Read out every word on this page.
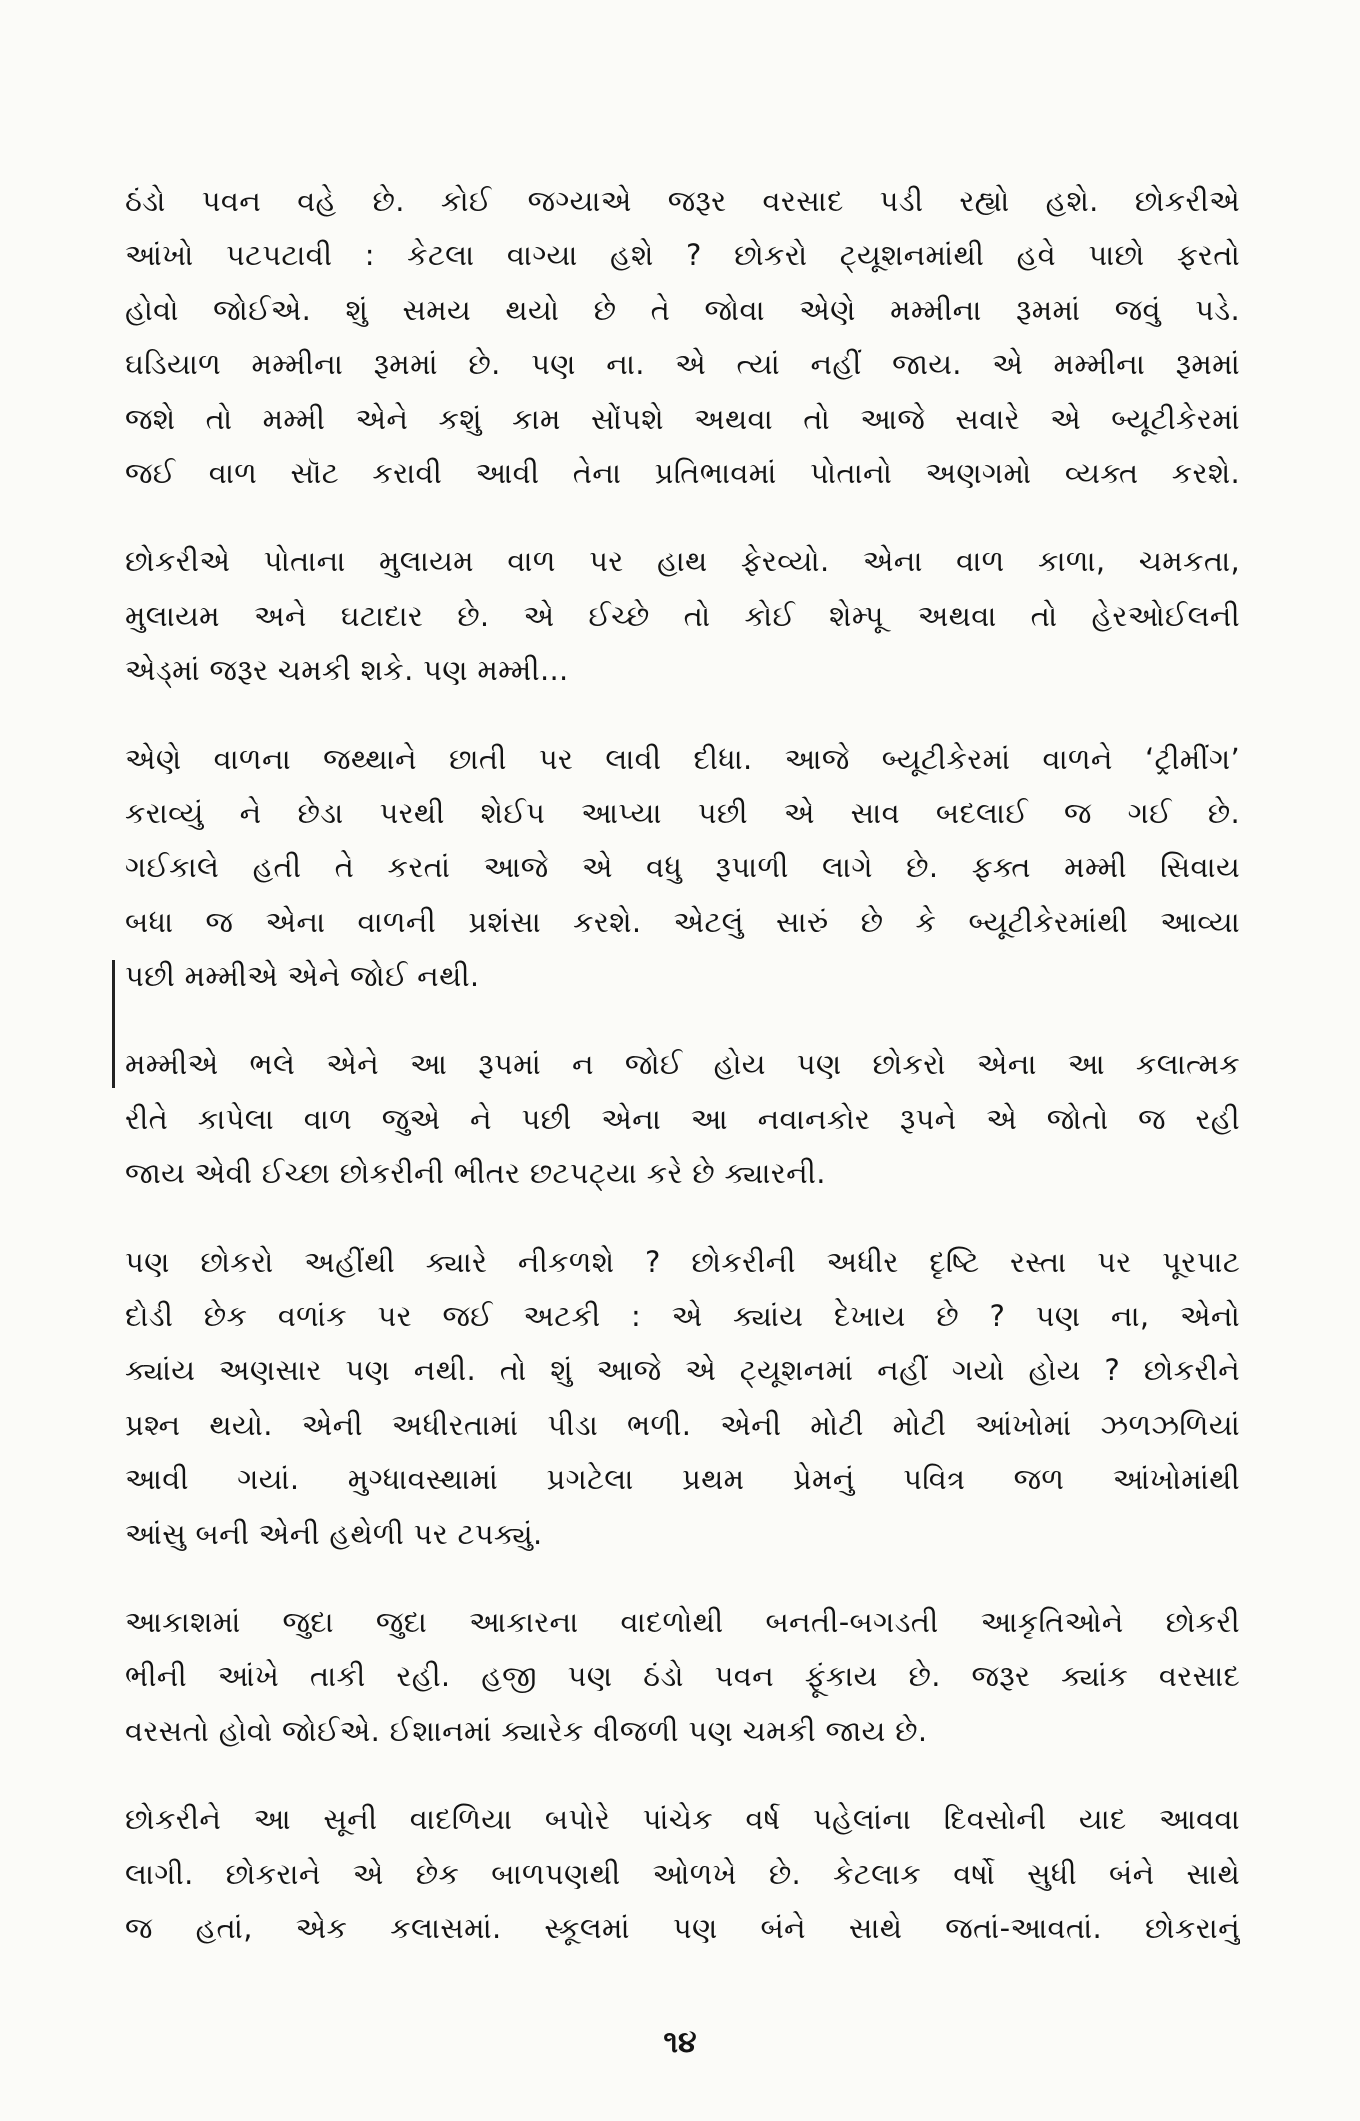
ઠંડો પવન વહે છે. કોઈ જગ્યાએ જરૂર વરસાદ પડી રહ્યો હશે. છોકરીએ
આંખો પટપટાવી : કેટલા વાગ્યા હશે ? છોકરો ટ્યૂશનમાંથી હવે પાછો ફરતો
હોવો જોઈએ. શું સમય થયો છે તે જોવા એણે મમ્મીના રૂમમાં જવું પડે.
ઘડિયાળ મમ્મીના રૂમમાં છે. પણ ના. એ ત્યાં નહીં જાય. એ મમ્મીના રૂમમાં
જશે તો મમ્મી એને કશું કામ સોંપશે અથવા તો આજે સવારે એ બ્યૂટીકેરમાં
જઈ વાળ સૉટ કરાવી આવી તેના પ્રતિભાવમાં પોતાનો અણગમો વ્યક્ત કરશે.
છોકરીએ પોતાના મુલાયમ વાળ પર હાથ ફેરવ્યો. એના વાળ કાળા, ચમકતા,
મુલાયમ અને ઘટાદાર છે. એ ઈચ્છે તો કોઈ શેમ્પૂ અથવા તો હેરઓઈલની
એડ્માં જરૂર ચમકી શકે. પણ મમ્મી...
એણે વાળના જથ્થાને છાતી પર લાવી દીધા. આજે બ્યૂટીકેરમાં વાળને ‘ટ્રીમીંગ’
કરાવ્યું ને છેડા પરથી શેઈપ આપ્યા પછી એ સાવ બદલાઈ જ ગઈ છે.
ગઈકાલે હતી તે કરતાં આજે એ વધુ રૂપાળી લાગે છે. ફક્ત મમ્મી સિવાય
બધા જ એના વાળની પ્રશંસા કરશે. એટલું સારું છે કે બ્યૂટીકેરમાંથી આવ્યા
પછી મમ્મીએ એને જોઈ નથી.
મમ્મીએ ભલે એને આ રૂપમાં ન જોઈ હોય પણ છોકરો એના આ કલાત્મક
રીતે કાપેલા વાળ જુએ ને પછી એના આ નવાનકોર રૂપને એ જોતો જ રહી
જાય એવી ઈચ્છા છોકરીની ભીતર છટપટ્યા કરે છે ક્યારની.
પણ છોકરો અહીંથી ક્યારે નીકળશે ? છોકરીની અધીર દૃષ્ટિ રસ્તા પર પૂરપાટ
દોડી છેક વળાંક પર જઈ અટકી : એ ક્યાંય દેખાય છે ? પણ ના, એનો
ક્યાંય અણસાર પણ નથી. તો શું આજે એ ટ્યૂશનમાં નહીં ગયો હોય ? છોકરીને
પ્રશ્ન થયો. એની અધીરતામાં પીડા ભળી. એની મોટી મોટી આંખોમાં ઝળઝળિયાં
આવી ગયાં. મુગ્ધાવસ્થામાં પ્રગટેલા પ્રથમ પ્રેમનું પવિત્ર જળ આંખોમાંથી
આંસુ બની એની હથેળી પર ટપક્યું.
આકાશમાં જુદા જુદા આકારના વાદળોથી બનતી-બગડતી આકૃતિઓને છોકરી
ભીની આંખે તાકી રહી. હજી પણ ઠંડો પવન ફૂંકાય છે. જરૂર ક્યાંક વરસાદ
વરસતો હોવો જોઈએ. ઈશાનમાં ક્યારેક વીજળી પણ ચમકી જાય છે.
છોકરીને આ સૂની વાદળિયા બપોરે પાંચેક વર્ષ પહેલાંના દિવસોની યાદ આવવા
લાગી. છોકરાને એ છેક બાળપણથી ઓળખે છે. કેટલાક વર્ષો સુધી બંને સાથે
જ હતાં, એક કલાસમાં. સ્કૂલમાં પણ બંને સાથે જતાં-આવતાં. છોકરાનું
૧૪
